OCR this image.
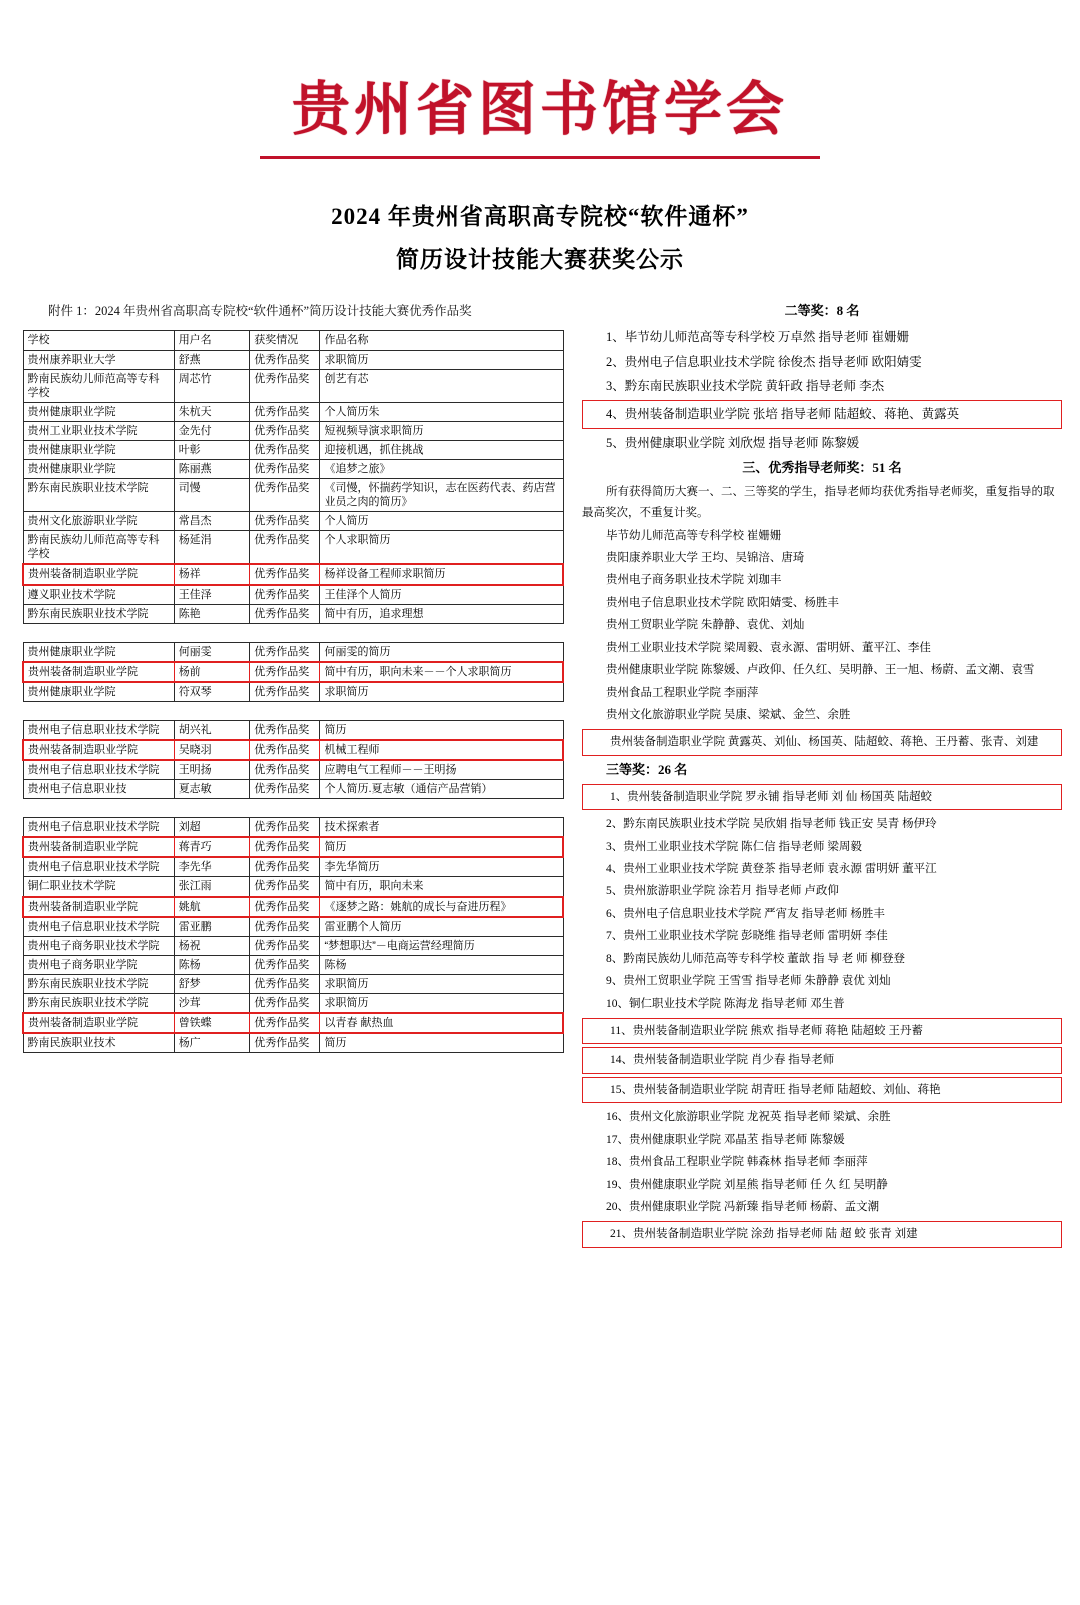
贵州省图书馆学会
2024 年贵州省高职高专院校“软件通杯”
简历设计技能大赛获奖公示
附件 1：2024 年贵州省高职高专院校“软件通杯”简历设计技能大赛优秀作品奖
学校	用户名	获奖情况	作品名称
贵州康养职业大学	舒燕	优秀作品奖	求职简历
黔南民族幼儿师范高等专科学校	周芯竹	优秀作品奖	创艺有芯
贵州健康职业学院	朱杭天	优秀作品奖	个人简历朱
贵州工业职业技术学院	金先付	优秀作品奖	短视频导演求职简历
贵州健康职业学院	叶彰	优秀作品奖	迎接机遇，抓住挑战
贵州健康职业学院	陈丽燕	优秀作品奖	《追梦之旅》
黔东南民族职业技术学院	司慢	优秀作品奖	《司慢，怀揣药学知识，志在医药代表、药店营业员之肉的简历》
贵州文化旅游职业学院	常昌杰	优秀作品奖	个人简历
黔南民族幼儿师范高等专科学校	杨延涓	优秀作品奖	个人求职简历
贵州装备制造职业学院	杨祥	优秀作品奖	杨祥设备工程师求职简历
遵义职业技术学院	王佳泽	优秀作品奖	王佳泽个人简历
黔东南民族职业技术学院	陈艳	优秀作品奖	简中有历，追求理想
贵州健康职业学院	何丽雯	优秀作品奖	何丽雯的简历
贵州装备制造职业学院	杨前	优秀作品奖	简中有历，职向未来－－个人求职简历
贵州健康职业学院	符双琴	优秀作品奖	求职简历
贵州电子信息职业技术学院	胡兴礼	优秀作品奖	简历
贵州装备制造职业学院	吴晓羽	优秀作品奖	机械工程师
贵州电子信息职业技术学院	王明扬	优秀作品奖	应聘电气工程师－－王明扬
贵州电子信息职业技	夏志敏	优秀作品奖	个人简历.夏志敏（通信产品营销）
贵州电子信息职业技术学院	刘超	优秀作品奖	技术探索者
贵州装备制造职业学院	蒋青巧	优秀作品奖	简历
贵州电子信息职业技术学院	李先华	优秀作品奖	李先华简历
铜仁职业技术学院	张江雨	优秀作品奖	简中有历，职向未来
贵州装备制造职业学院	姚航	优秀作品奖	《逐梦之路：姚航的成长与奋进历程》
贵州电子信息职业技术学院	雷亚鹏	优秀作品奖	雷亚鹏个人简历
贵州电子商务职业技术学院	杨祝	优秀作品奖	“梦想职达”－电商运营经理简历
贵州电子商务职业学院	陈杨	优秀作品奖	陈杨
黔东南民族职业技术学院	舒梦	优秀作品奖	求职简历
黔东南民族职业技术学院	沙茸	优秀作品奖	求职简历
贵州装备制造职业学院	曾铁蝶	优秀作品奖	以青春 献热血
黔南民族职业技术	杨广	优秀作品奖	简历
二等奖：8 名
1、毕节幼儿师范高等专科学校 万卓然 指导老师 崔姗姗
2、贵州电子信息职业技术学院 徐俊杰 指导老师 欧阳婧雯
3、黔东南民族职业技术学院 黄轩政 指导老师 李杰
4、贵州装备制造职业学院 张培 指导老师 陆超蛟、蒋艳、黄露英
5、贵州健康职业学院 刘欣煜 指导老师 陈黎媛
三、优秀指导老师奖：51 名
所有获得简历大赛一、二、三等奖的学生，指导老师均获优秀指导老师奖，重复指导的取最高奖次，不重复计奖。
毕节幼儿师范高等专科学校 崔姗姗
贵阳康养职业大学 王均、吴锦涪、唐琦
贵州电子商务职业技术学院 刘珈丰
贵州电子信息职业技术学院 欧阳婧雯、杨胜丰
贵州工贸职业学院 朱静静、袁优、刘灿
贵州工业职业技术学院 梁周毅、袁永源、雷明妍、董平江、李佳
贵州健康职业学院 陈黎媛、卢政仰、任久红、吴明静、王一旭、杨蔚、孟文潮、袁雪
贵州食品工程职业学院 李丽萍
贵州文化旅游职业学院 吴康、梁斌、金竺、余胜
贵州装备制造职业学院 黄露英、刘仙、杨国英、陆超蛟、蒋艳、王丹蓄、张青、刘建
三等奖：26 名
1、贵州装备制造职业学院 罗永铺 指导老师 刘 仙 杨国英 陆超蛟
2、黔东南民族职业技术学院 吴欣娟 指导老师 钱正安 吴青 杨伊玲
3、贵州工业职业技术学院 陈仁信 指导老师 梁周毅
4、贵州工业职业技术学院 黄登茶 指导老师 袁永源 雷明妍 董平江
5、贵州旅游职业学院 涂若月 指导老师 卢政仰
6、贵州电子信息职业技术学院 严宵友 指导老师 杨胜丰
7、贵州工业职业技术学院 彭晓维 指导老师 雷明妍 李佳
8、黔南民族幼儿师范高等专科学校 董歆 指 导 老 师 柳登登
9、贵州工贸职业学院 王雪雪 指导老师 朱静静 袁优 刘灿
10、铜仁职业技术学院 陈海龙 指导老师 邓生普
11、贵州装备制造职业学院 熊欢 指导老师 蒋艳 陆超蛟 王丹蓄
14、贵州装备制造职业学院 肖少春 指导老师
15、贵州装备制造职业学院 胡青旺 指导老师 陆超蛟、刘仙、蒋艳
16、贵州文化旅游职业学院 龙祝英 指导老师 梁斌、余胜
17、贵州健康职业学院 邓晶苤 指导老师 陈黎媛
18、贵州食品工程职业学院 韩森林 指导老师 李丽萍
19、贵州健康职业学院 刘星熊 指导老师 任 久 红 吴明静
20、贵州健康职业学院 冯新臻 指导老师 杨蔚、孟文潮
21、贵州装备制造职业学院 涂劲 指导老师 陆 超 蛟 张青 刘建
